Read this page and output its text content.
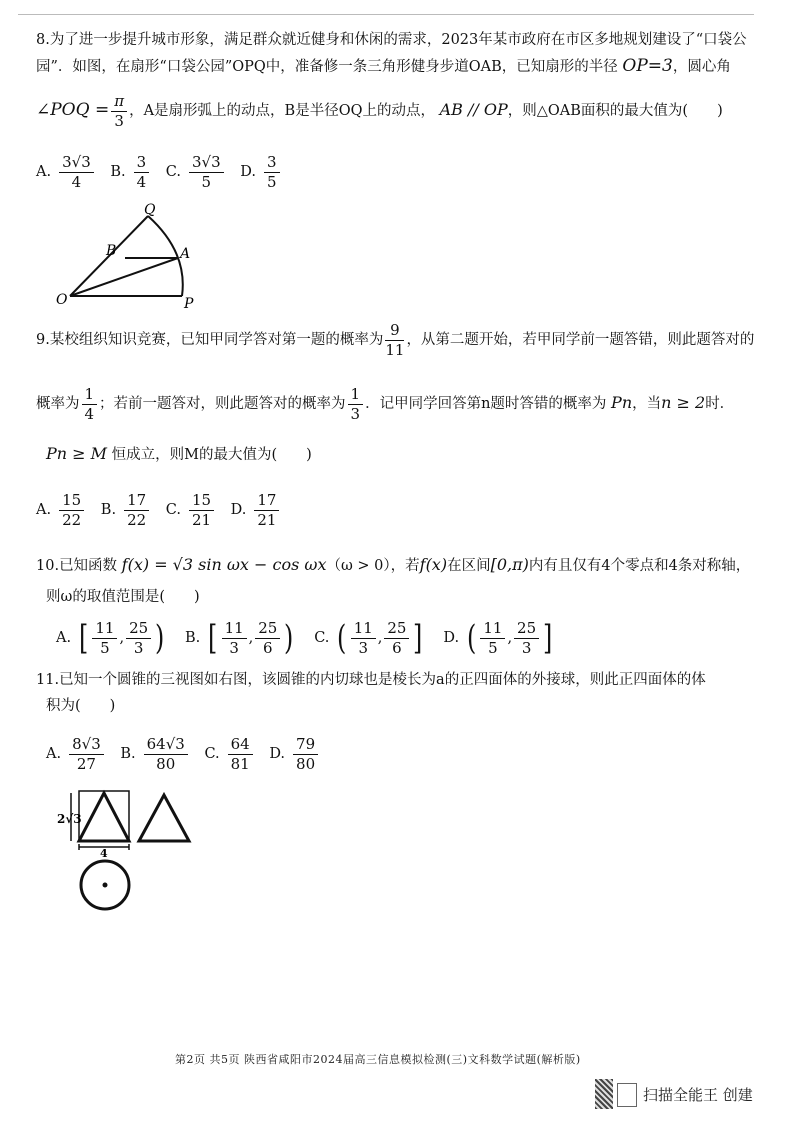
8.为了进一步提升城市形象，满足群众就近健身和休闲的需求，2023年某市政府在市区多地规划建设了“口袋公
园”．如图，在扇形“口袋公园”OPQ中，准备修一条三角形健身步道OAB，已知扇形的半径 OP=3，圆心角
∠POQ = $\frac{\pi}{3}$ ，A是扇形弧上的动点，B是半径OQ上的动点， AB // OP，则△OAB面积的最大值为(　　)
A. $\frac{3√3}{4} B$. $\frac{3}{4} C$. $\frac{3√3}{5} D$. $\frac{3}{5}$
Q
B	A
O	P
9.某校组织知识竞赛，已知甲同学答对第一题的概率为 $\frac{9}{11}$ ，从第二题开始，若甲同学前一题答错，则此题答对的
概率为 $\frac{1}{4}$ ；若前一题答对，则此题答对的概率为 $\frac{1}{3}$ ．记甲同学回答第n题时答错的概率为 Pn，当n ≥ 2时．
Pn ≥ M 恒成立，则M的最大值为(　　)
A. $\frac{15}{22} B$. $\frac{17}{22} C$. $\frac{15}{21} D$. $\frac{17}{21}$
10.已知函数 f(x) = √3 sin ωx − cos ωx（ω > 0），若f(x)在区间[0,π)内有且仅有4个零点和4条对称轴，
则ω的取值范围是(　　)
A. [ $\frac{11}{5}$ , $\frac{25}{3}$ ) B. [ $\frac{11}{3}$ , $\frac{25}{6}$ ) C. ( $\frac{11}{3}$ , $\frac{25}{6}$ ] D. ( $\frac{11}{5}$ , $\frac{25}{3}$ ]
11.已知一个圆锥的三视图如右图，该圆锥的内切球也是棱长为a的正四面体的外接球，则此正四面体的体
积为(　　)
A. $\frac{8√3}{27} B$. $\frac{64√3}{80} C$. $\frac{64}{81} D$. $\frac{79}{80}$
2√3
4
第2页 共5页 陕西省咸阳市2024届高三信息模拟检测(三)文科数学试题(解析版)
扫描全能王 创建
